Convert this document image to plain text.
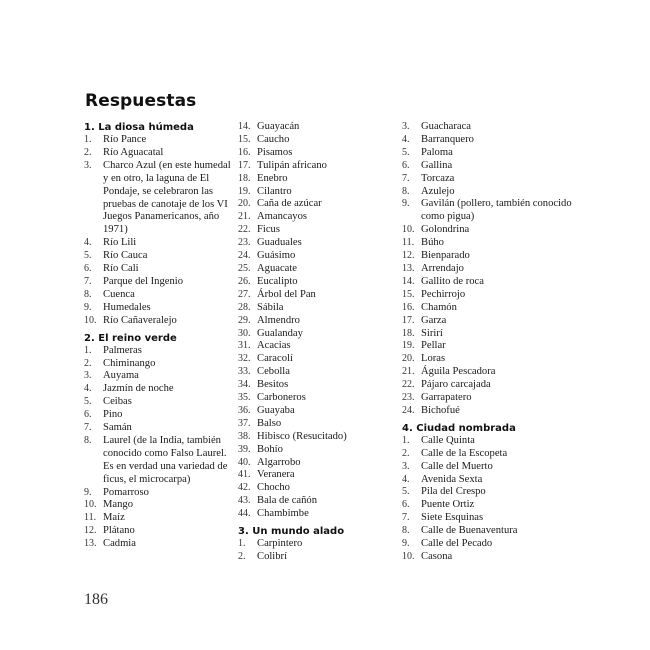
Respuestas
1. La diosa húmeda
1.	Río Pance
2.	Río Aguacatal
3.	Charco Azul (en este humedal y en otro, la laguna de El Pondaje, se celebraron las pruebas de canotaje de los VI Juegos Panamericanos, año 1971)
4.	Río Lili
5.	Río Cauca
6.	Río Cali
7.	Parque del Ingenio
8.	Cuenca
9.	Humedales
10. Río Cañaveralejo
2. El reino verde
1.	Palmeras
2.	Chiminango
3.	Auyama
4.	Jazmín de noche
5.	Ceibas
6.	Pino
7.	Samán
8.	Laurel (de la India, también conocido como Falso Laurel. Es en verdad una variedad de ficus, el microcarpa)
9.	Pomarroso
10. Mango
11. Maíz
12. Plátano
13. Cadmia
14. Guayacán
15. Caucho
16. Pisamos
17. Tulipán africano
18. Enebro
19. Cilantro
20. Caña de azúcar
21. Amancayos
22. Ficus
23. Guaduales
24. Guásimo
25. Aguacate
26. Eucalipto
27. Árbol del Pan
28. Sábila
29. Almendro
30. Gualanday
31. Acacias
32. Caracolí
33. Cebolla
34. Besitos
35. Carboneros
36. Guayaba
37. Balso
38. Hibisco (Resucitado)
39. Bohío
40. Algarrobo
41. Veranera
42. Chocho
43. Bala de cañón
44. Chambimbe
3. Un mundo alado
1.	Carpintero
2.	Colibrí
3.	Guacharaca
4.	Barranquero
5.	Paloma
6.	Gallina
7.	Torcaza
8.	Azulejo
9.	Gavilán (pollero, también conocido como pigua)
10. Golondrina
11. Búho
12. Bienparado
13. Arrendajo
14. Gallito de roca
15. Pechirrojo
16. Chamón
17. Garza
18. Sirirí
19. Pellar
20. Loras
21. Águila Pescadora
22. Pájaro carcajada
23. Garrapatero
24. Bichofué
4. Ciudad nombrada
1.	Calle Quinta
2.	Calle de la Escopeta
3.	Calle del Muerto
4.	Avenida Sexta
5.	Pila del Crespo
6.	Puente Ortiz
7.	Siete Esquinas
8.	Calle de Buenaventura
9.	Calle del Pecado
10. Casona
186
